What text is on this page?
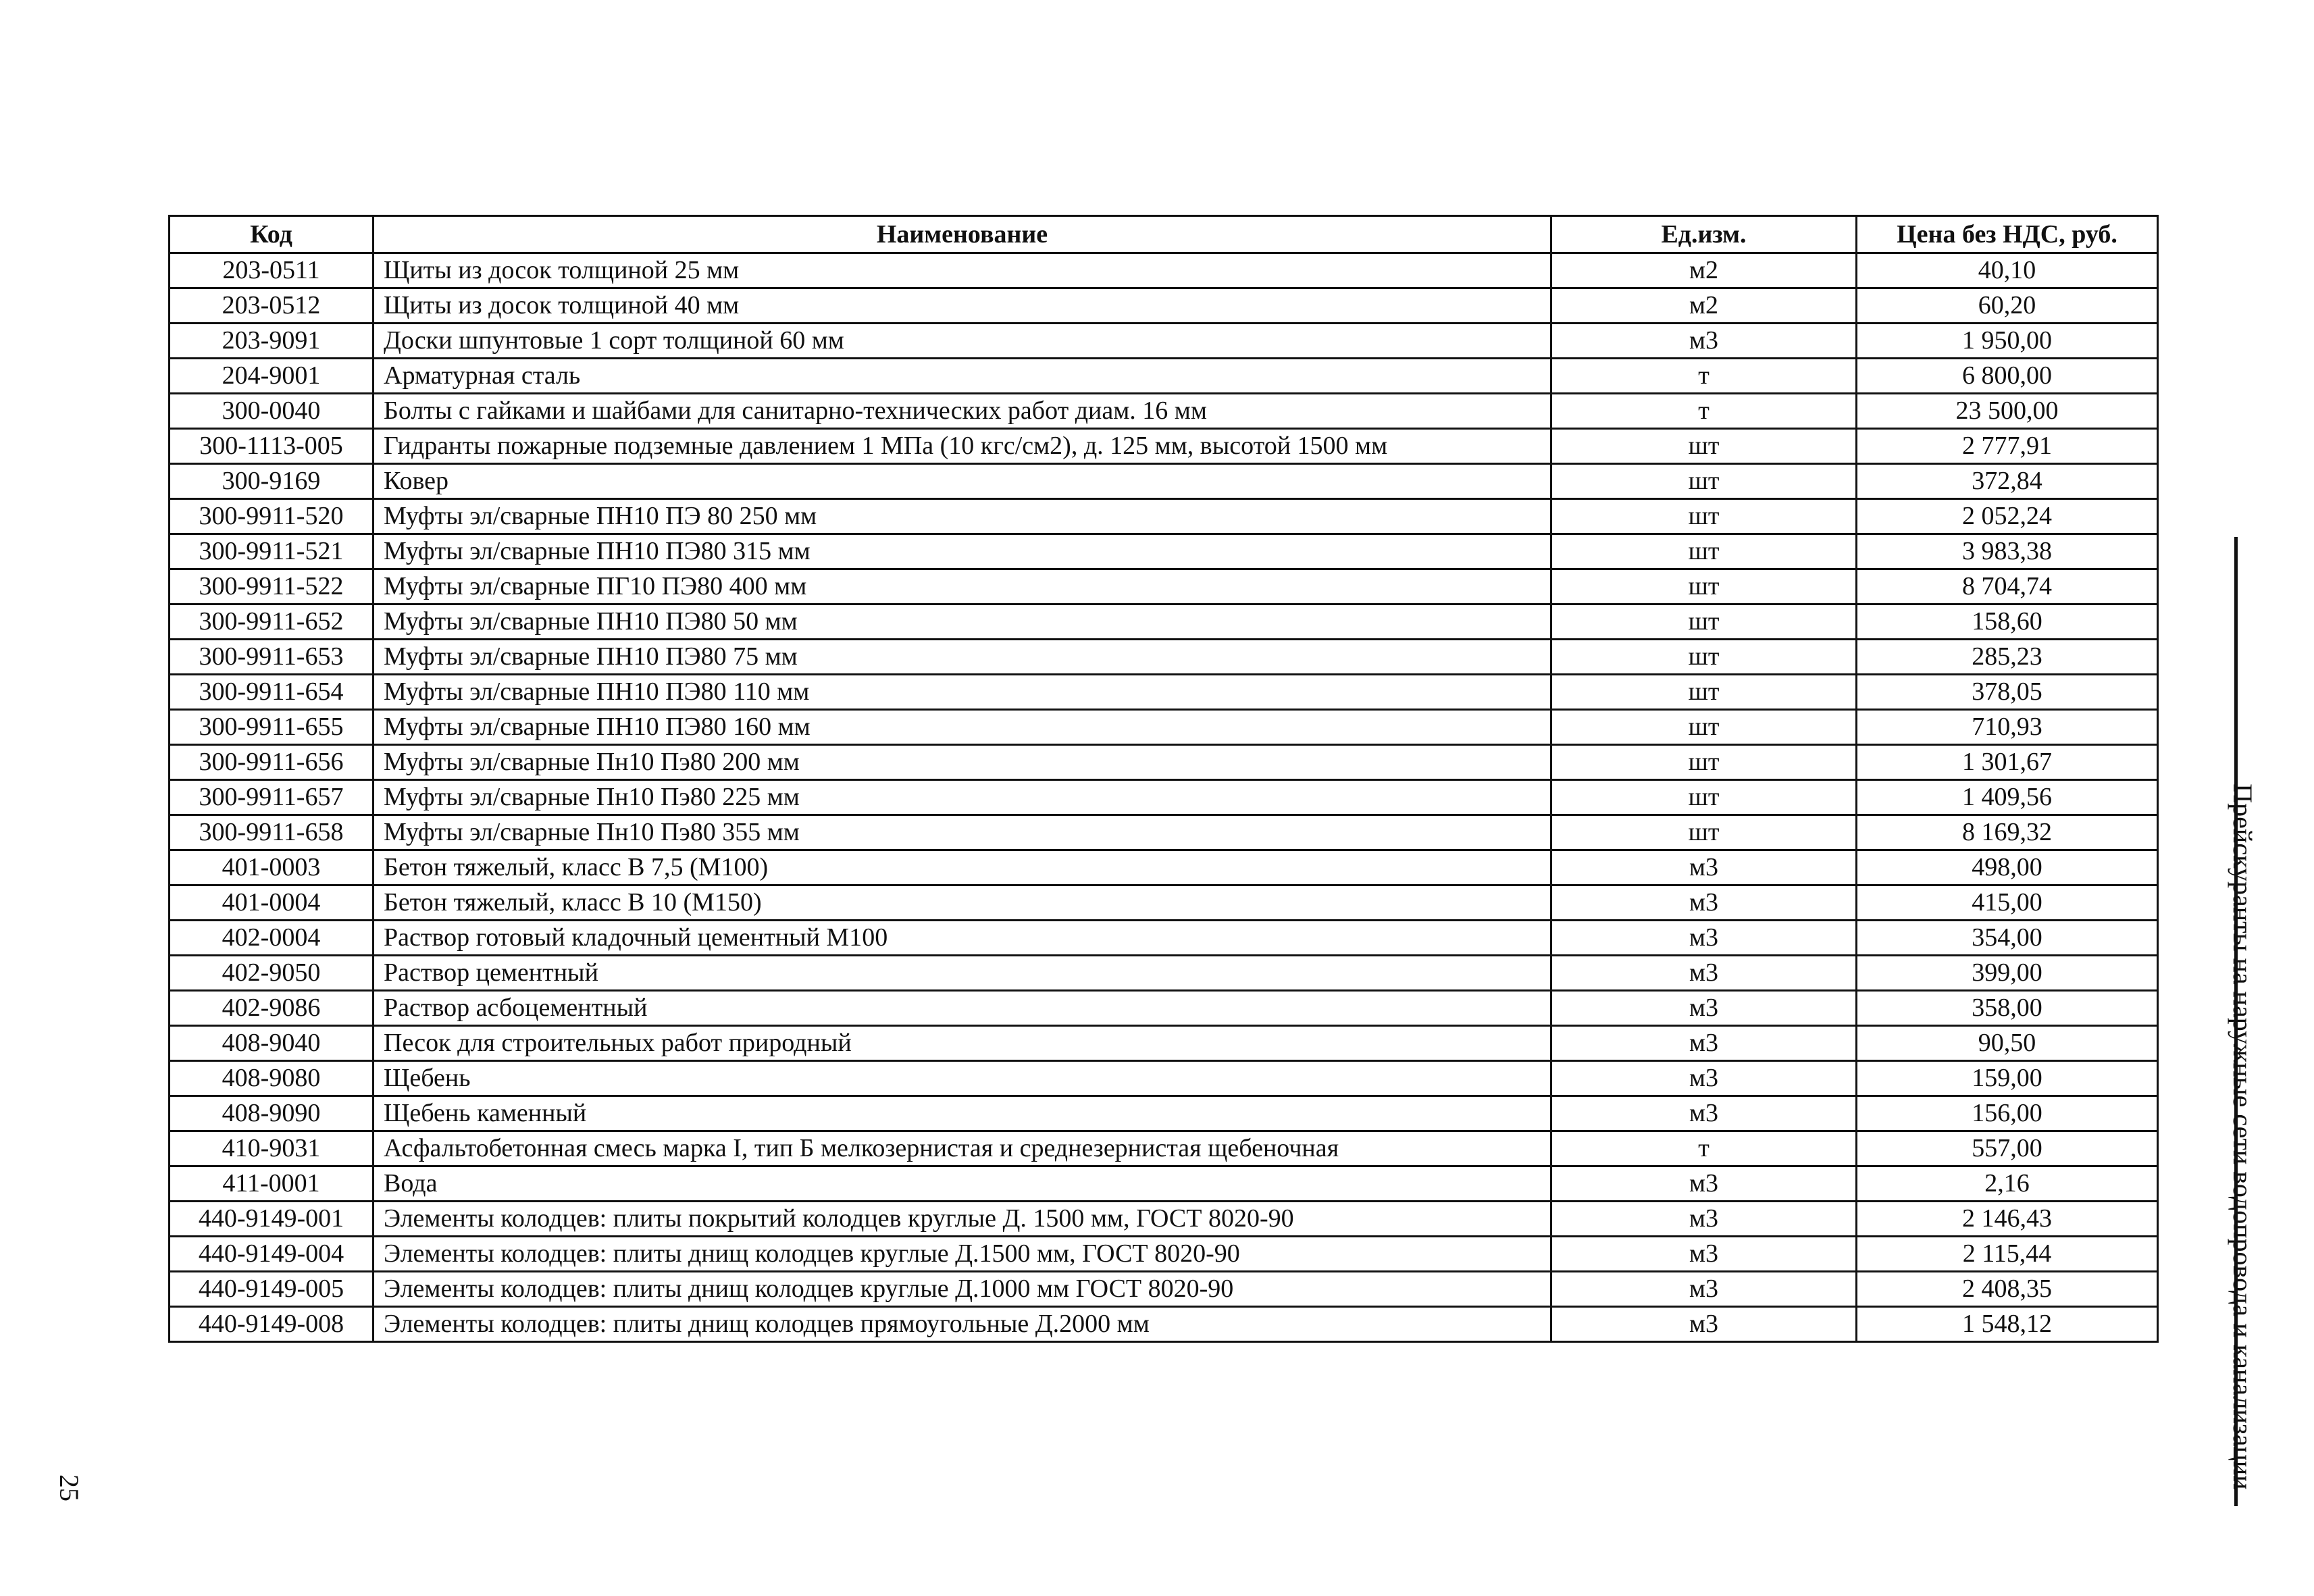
Код	Наименование	Ед.изм.	Цена без НДС, руб.
203-0511	Щиты из досок толщиной 25 мм	м2	40,10
203-0512	Щиты из досок толщиной 40 мм	м2	60,20
203-9091	Доски шпунтовые 1 сорт толщиной 60 мм	м3	1 950,00
204-9001	Арматурная сталь	т	6 800,00
300-0040	Болты с гайками и шайбами для санитарно-технических работ диам. 16 мм	т	23 500,00
300-1113-005	Гидранты пожарные подземные давлением 1 МПа (10 кгс/см2), д. 125 мм, высотой 1500 мм	шт	2 777,91
300-9169	Ковер	шт	372,84
300-9911-520	Муфты эл/сварные ПН10 ПЭ 80 250 мм	шт	2 052,24
300-9911-521	Муфты эл/сварные ПН10 ПЭ80 315 мм	шт	3 983,38
300-9911-522	Муфты эл/сварные ПГ10 ПЭ80 400 мм	шт	8 704,74
300-9911-652	Муфты эл/сварные ПН10 ПЭ80 50 мм	шт	158,60
300-9911-653	Муфты эл/сварные ПН10 ПЭ80 75 мм	шт	285,23
300-9911-654	Муфты эл/сварные ПН10 ПЭ80 110 мм	шт	378,05
300-9911-655	Муфты эл/сварные ПН10 ПЭ80 160 мм	шт	710,93
300-9911-656	Муфты эл/сварные Пн10 Пэ80 200 мм	шт	1 301,67
300-9911-657	Муфты эл/сварные Пн10 Пэ80 225 мм	шт	1 409,56
300-9911-658	Муфты эл/сварные Пн10 Пэ80 355 мм	шт	8 169,32
401-0003	Бетон тяжелый, класс В 7,5 (М100)	м3	498,00
401-0004	Бетон тяжелый, класс В 10 (М150)	м3	415,00
402-0004	Раствор готовый кладочный цементный М100	м3	354,00
402-9050	Раствор цементный	м3	399,00
402-9086	Раствор асбоцементный	м3	358,00
408-9040	Песок для строительных работ природный	м3	90,50
408-9080	Щебень	м3	159,00
408-9090	Щебень каменный	м3	156,00
410-9031	Асфальтобетонная смесь марка I, тип Б мелкозернистая и среднезернистая щебеночная	т	557,00
411-0001	Вода	м3	2,16
440-9149-001	Элементы колодцев: плиты покрытий колодцев круглые Д. 1500 мм, ГОСТ 8020-90	м3	2 146,43
440-9149-004	Элементы колодцев: плиты днищ колодцев круглые Д.1500 мм, ГОСТ 8020-90	м3	2 115,44
440-9149-005	Элементы колодцев: плиты днищ колодцев круглые Д.1000 мм ГОСТ 8020-90	м3	2 408,35
440-9149-008	Элементы колодцев: плиты днищ колодцев прямоугольные Д.2000 мм	м3	1 548,12	Прейскуранты на наружные сети водопровода и канализации
25
